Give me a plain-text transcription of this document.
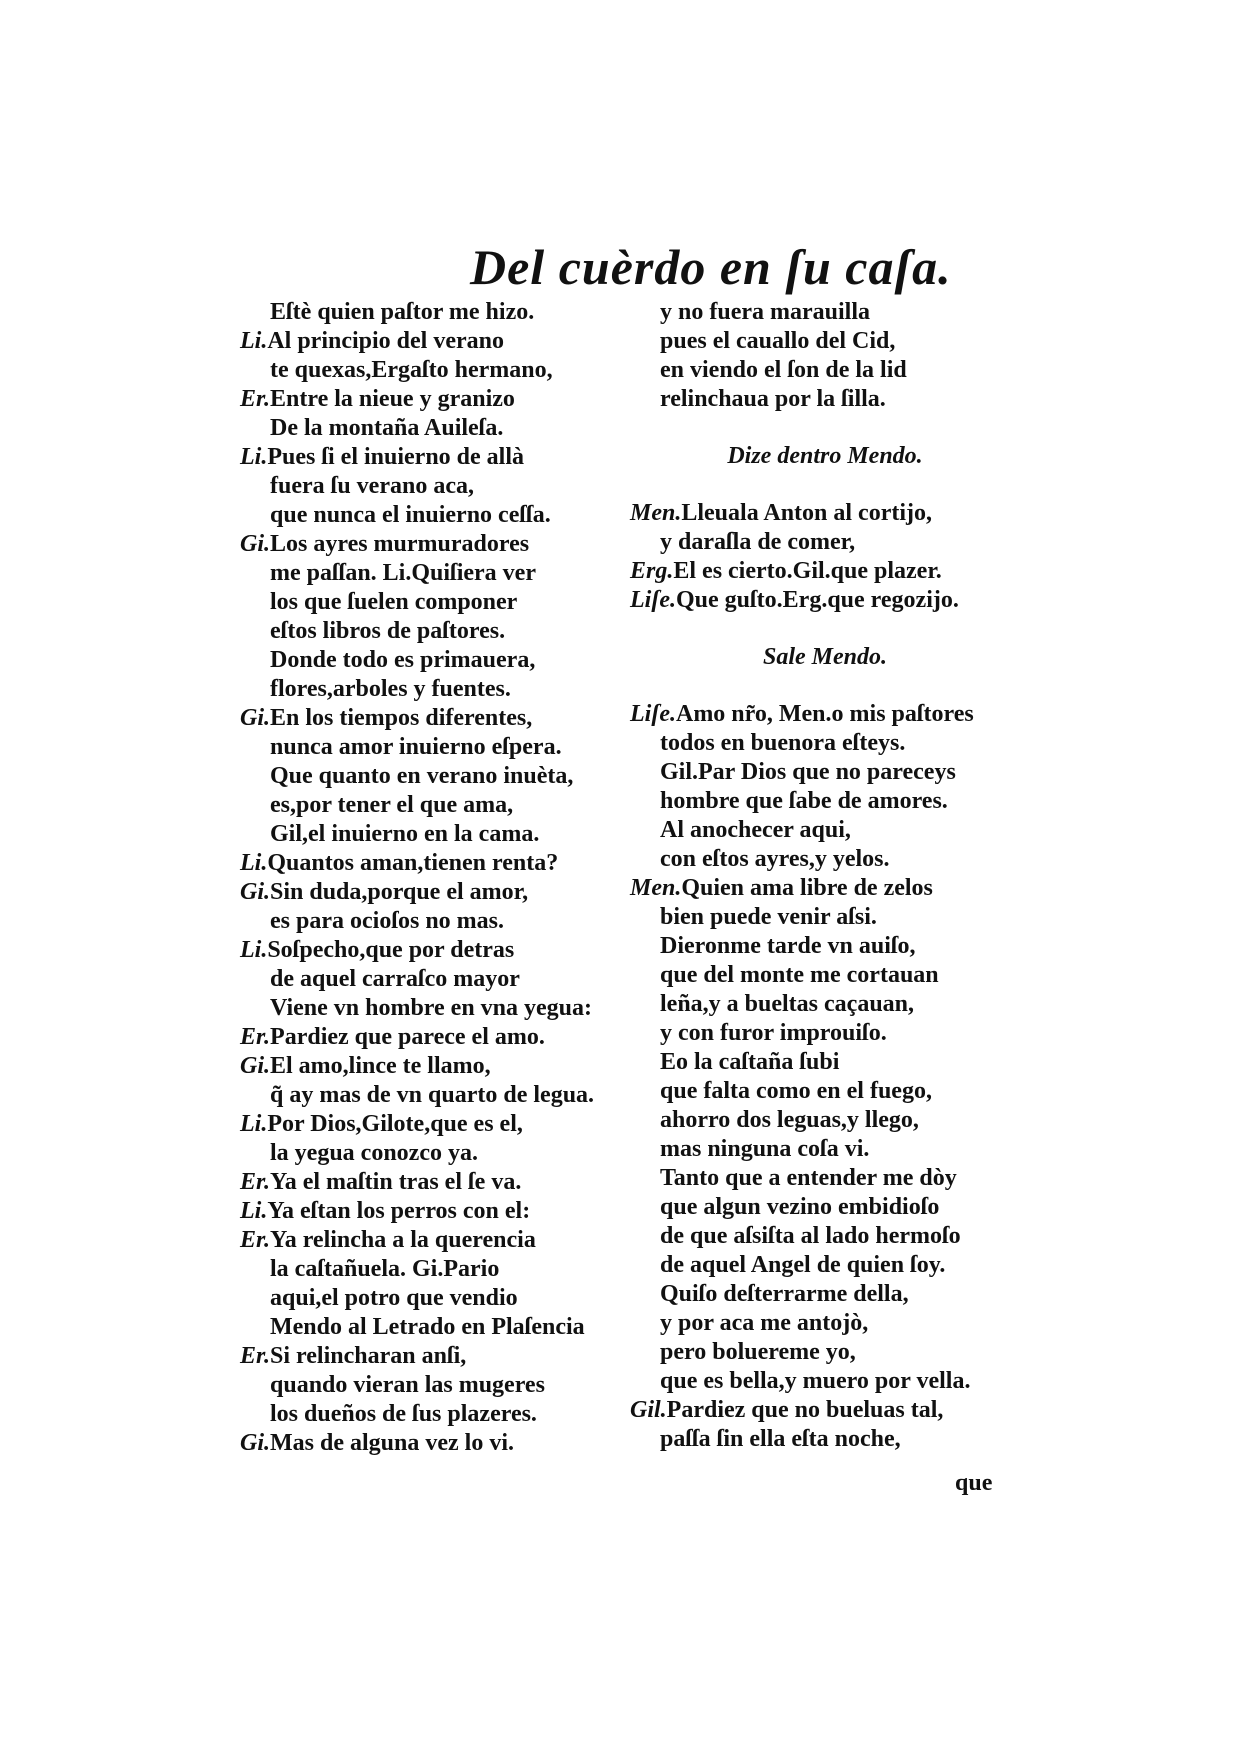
Del cuèrdo en ſu caſa.
Eſtè quien paſtor me hizo.
Li.Al principio del verano
te quexas,Ergaſto hermano,
Er.Entre la nieue y granizo
De la montaña Auileſa.
Li.Pues ſi el inuierno de allà
fuera ſu verano aca,
que nunca el inuierno ceſſa.
Gi.Los ayres murmuradores
me paſſan. Li.Quiſiera ver
los que ſuelen componer
eſtos libros de paſtores.
Donde todo es primauera,
flores,arboles y fuentes.
Gi.En los tiempos diferentes,
nunca amor inuierno eſpera.
Que quanto en verano inuèta,
es,por tener el que ama,
Gil,el inuierno en la cama.
Li.Quantos aman,tienen renta?
Gi.Sin duda,porque el amor,
es para ocioſos no mas.
Li.Soſpecho,que por detras
de aquel carraſco mayor
Viene vn hombre en vna yegua:
Er.Pardiez que parece el amo.
Gi.El amo,lince te llamo,
q̃ ay mas de vn quarto de legua.
Li.Por Dios,Gilote,que es el,
la yegua conozco ya.
Er.Ya el maſtin tras el ſe va.
Li.Ya eſtan los perros con el:
Er.Ya relincha a la querencia
la caſtañuela. Gi.Pario
aqui,el potro que vendio
Mendo al Letrado en Plaſencia
Er.Si relincharan anſi,
quando vieran las mugeres
los dueños de ſus plazeres.
Gi.Mas de alguna vez lo vi.
y no fuera marauilla
pues el cauallo del Cid,
en viendo el ſon de la lid
relinchaua por la ſilla.
Dize dentro Mendo.
Men.Lleuala Anton al cortijo,
y daraſla de comer,
Erg.El es cierto.Gil.que plazer.
Liſe.Que guſto.Erg.que regozijo.
Sale Mendo.
Liſe.Amo nr̃o, Men.o mis paſtores
todos en buenora eſteys.
Gil.Par Dios que no pareceys
hombre que ſabe de amores.
Al anochecer aqui,
con eſtos ayres,y yelos.
Men.Quien ama libre de zelos
bien puede venir aſsi.
Dieronme tarde vn auiſo,
que del monte me cortauan
leña,y a bueltas caçauan,
y con furor improuiſo.
Eo la caſtaña ſubi
que falta como en el fuego,
ahorro dos leguas,y llego,
mas ninguna coſa vi.
Tanto que a entender me dòy
que algun vezino embidioſo
de que aſsiſta al lado hermoſo
de aquel Angel de quien ſoy.
Quiſo deſterrarme della,
y por aca me antojò,
pero boluereme yo,
que es bella,y muero por vella.
Gil.Pardiez que no bueluas tal,
paſſa ſin ella eſta noche,
que
